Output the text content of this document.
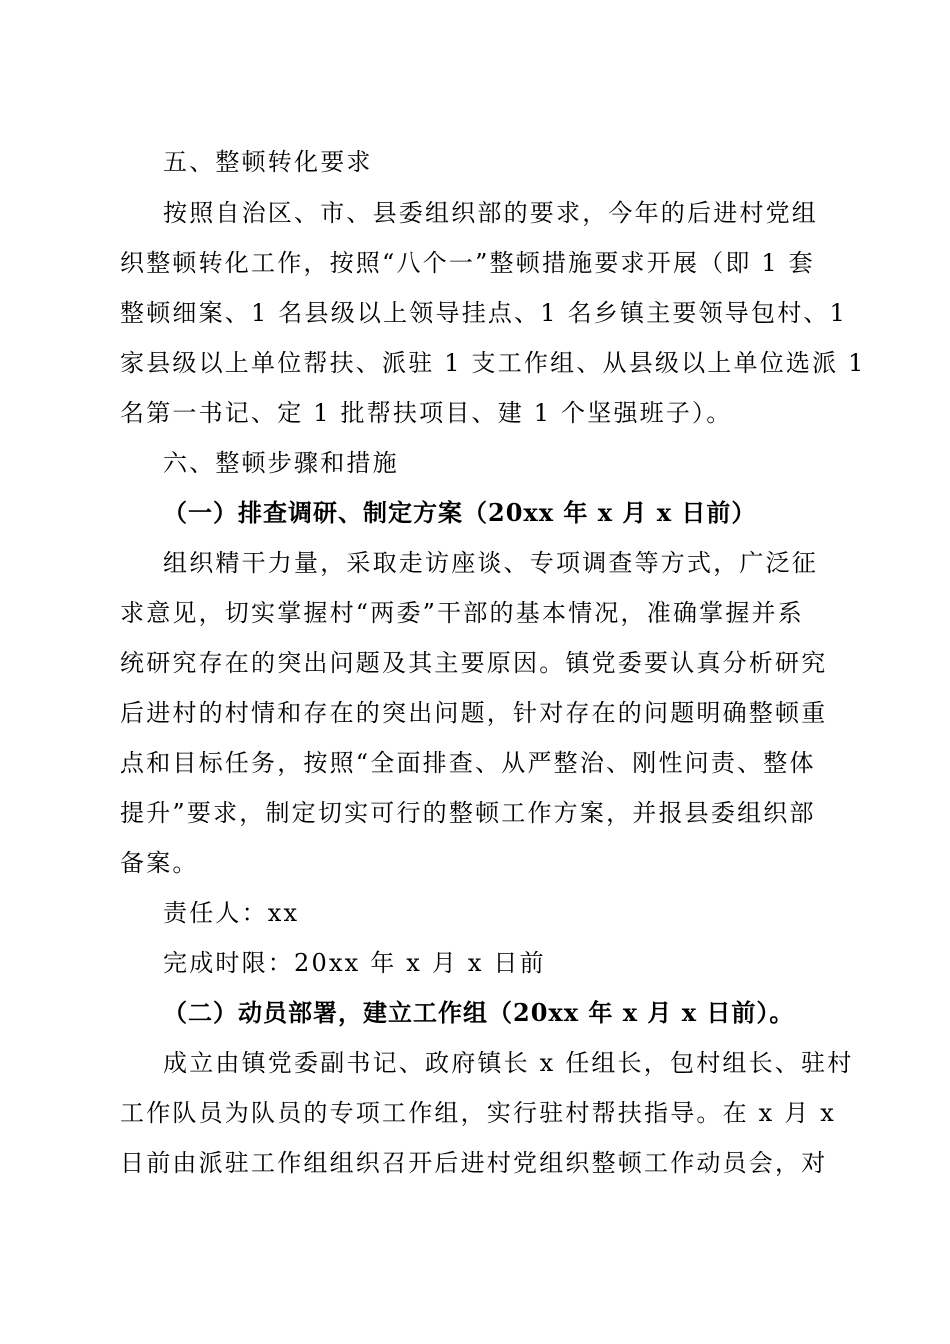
五、整顿转化要求
按照自治区、市、县委组织部的要求，今年的后进村党组
织整顿转化工作，按照“八个一”整顿措施要求开展（即 1 套
整顿细案、1 名县级以上领导挂点、1 名乡镇主要领导包村、1
家县级以上单位帮扶、派驻 1 支工作组、从县级以上单位选派 1
名第一书记、定 1 批帮扶项目、建 1 个坚强班子）。
六、整顿步骤和措施
（一）排查调研、制定方案（20xx 年 x 月 x 日前）
组织精干力量，采取走访座谈、专项调查等方式，广泛征
求意见，切实掌握村“两委”干部的基本情况，准确掌握并系
统研究存在的突出问题及其主要原因。镇党委要认真分析研究
后进村的村情和存在的突出问题，针对存在的问题明确整顿重
点和目标任务，按照“全面排查、从严整治、刚性问责、整体
提升”要求，制定切实可行的整顿工作方案，并报县委组织部
备案。
责任人：xx
完成时限：20xx 年 x 月 x 日前
（二）动员部署，建立工作组（20xx 年 x 月 x 日前）。
成立由镇党委副书记、政府镇长 x 任组长，包村组长、驻村
工作队员为队员的专项工作组，实行驻村帮扶指导。在 x 月 x
日前由派驻工作组组织召开后进村党组织整顿工作动员会，对
